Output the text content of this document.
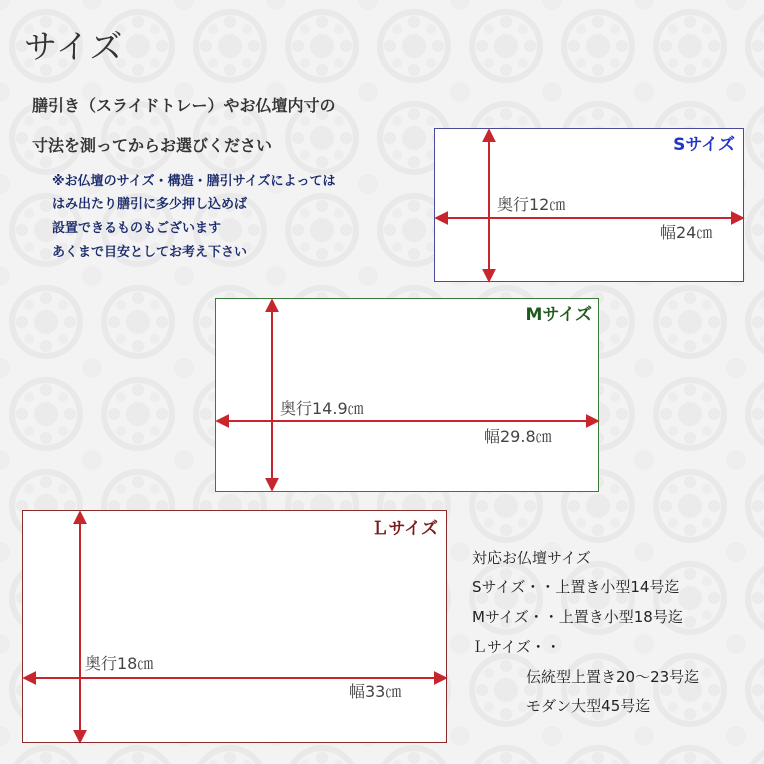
サイズ
膳引き（スライドトレー）やお仏壇内寸の
寸法を測ってからお選びください
※お仏壇のサイズ・構造・膳引サイズによっては
はみ出たり膳引に多少押し込めば
設置できるものもございます
あくまで目安としてお考え下さい
Sサイズ
奥行12㎝
幅24㎝
Mサイズ
奥行14.9㎝
幅29.8㎝
Ｌサイズ
奥行18㎝
幅33㎝
対応お仏壇サイズ
Sサイズ・・上置き小型14号迄
Mサイズ・・上置き小型18号迄
Ｌサイズ・・
伝統型上置き20～23号迄
モダン大型45号迄
